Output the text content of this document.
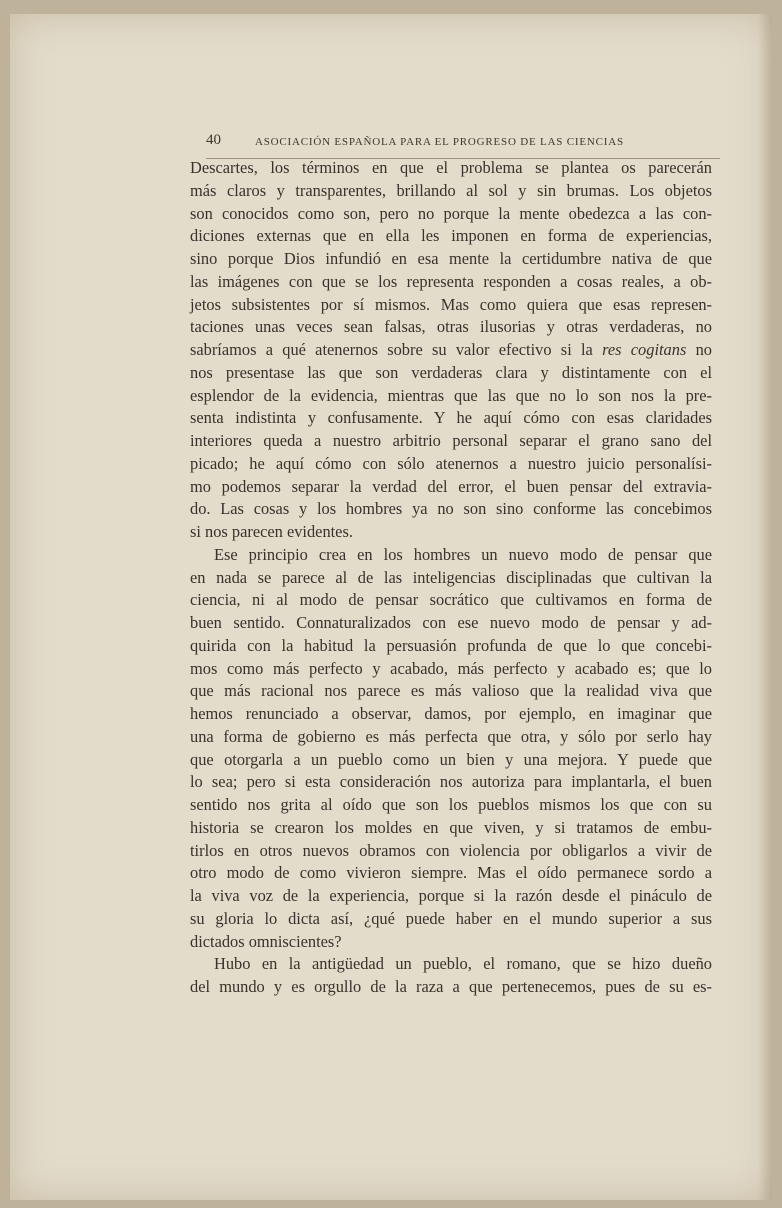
40	ASOCIACIÓN ESPAÑOLA PARA EL PROGRESO DE LAS CIENCIAS
Descartes, los términos en que el problema se plantea os parecerán
más claros y transparentes, brillando al sol y sin brumas. Los objetos
son conocidos como son, pero no porque la mente obedezca a las con-
diciones externas que en ella les imponen en forma de experiencias,
sino porque Dios infundió en esa mente la certidumbre nativa de que
las imágenes con que se los representa responden a cosas reales, a ob-
jetos subsistentes por sí mismos. Mas como quiera que esas represen-
taciones unas veces sean falsas, otras ilusorias y otras verdaderas, no
sabríamos a qué atenernos sobre su valor efectivo si la res cogitans no
nos presentase las que son verdaderas clara y distintamente con el
esplendor de la evidencia, mientras que las que no lo son nos la pre-
senta indistinta y confusamente. Y he aquí cómo con esas claridades
interiores queda a nuestro arbitrio personal separar el grano sano del
picado; he aquí cómo con sólo atenernos a nuestro juicio personalísi-
mo podemos separar la verdad del error, el buen pensar del extravia-
do. Las cosas y los hombres ya no son sino conforme las concebimos
si nos parecen evidentes.
Ese principio crea en los hombres un nuevo modo de pensar que
en nada se parece al de las inteligencias disciplinadas que cultivan la
ciencia, ni al modo de pensar socrático que cultivamos en forma de
buen sentido. Connaturalizados con ese nuevo modo de pensar y ad-
quirida con la habitud la persuasión profunda de que lo que concebi-
mos como más perfecto y acabado, más perfecto y acabado es; que lo
que más racional nos parece es más valioso que la realidad viva que
hemos renunciado a observar, damos, por ejemplo, en imaginar que
una forma de gobierno es más perfecta que otra, y sólo por serlo hay
que otorgarla a un pueblo como un bien y una mejora. Y puede que
lo sea; pero si esta consideración nos autoriza para implantarla, el buen
sentido nos grita al oído que son los pueblos mismos los que con su
historia se crearon los moldes en que viven, y si tratamos de embu-
tirlos en otros nuevos obramos con violencia por obligarlos a vivir de
otro modo de como vivieron siempre. Mas el oído permanece sordo a
la viva voz de la experiencia, porque si la razón desde el pináculo de
su gloria lo dicta así, ¿qué puede haber en el mundo superior a sus
dictados omniscientes?
Hubo en la antigüedad un pueblo, el romano, que se hizo dueño
del mundo y es orgullo de la raza a que pertenecemos, pues de su es-
